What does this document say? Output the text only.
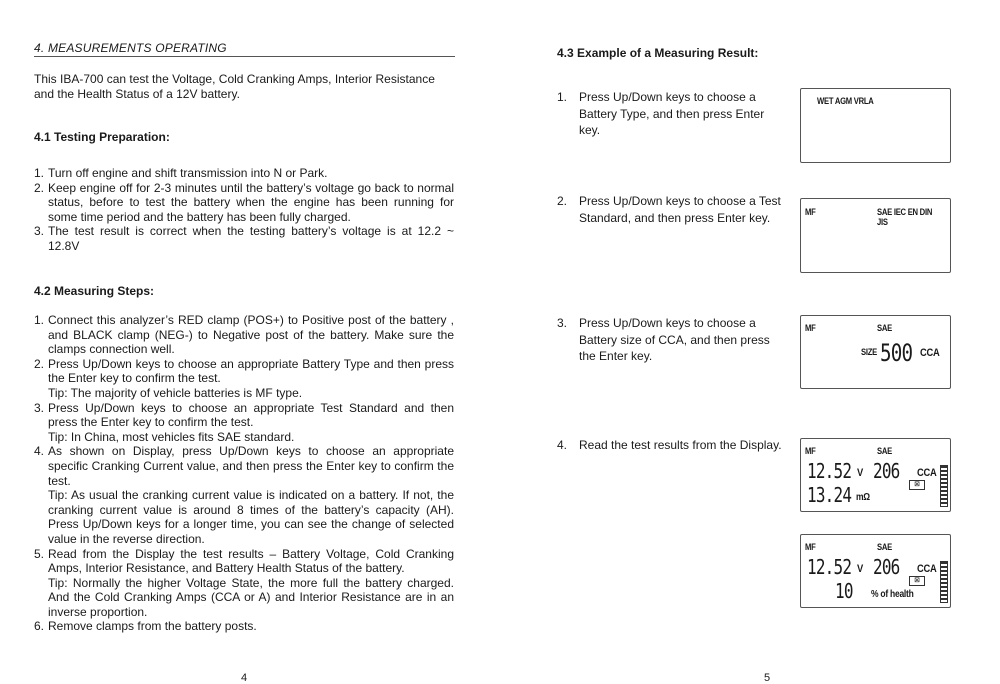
4. MEASUREMENTS OPERATING
This IBA-700 can test the Voltage, Cold Cranking Amps, Interior Resistance and the Health Status of a 12V battery.
4.1 Testing Preparation:
1. Turn off engine and shift transmission into N or Park.
2. Keep engine off for 2-3 minutes until the battery’s voltage go back to normal status, before to test the battery when the engine has been running for some time period and the battery has been fully charged.
3. The test result is correct when the testing battery’s voltage is at 12.2 ~ 12.8V
4.2 Measuring Steps:
1. Connect this analyzer’s RED clamp (POS+) to Positive post of the battery , and BLACK clamp (NEG-) to Negative post of the battery. Make sure the clamps connection well.
2. Press Up/Down keys to choose an appropriate Battery Type and then press the Enter key to confirm the test.
Tip: The majority of vehicle batteries is MF type.
3. Press Up/Down keys to choose an appropriate Test Standard and then press the Enter key to confirm the test.
Tip: In China, most vehicles fits SAE standard.
4. As shown on Display, press Up/Down keys to choose an appropriate specific Cranking Current value, and then press the Enter key to confirm the test.
Tip: As usual the cranking current value is indicated on a battery. If not, the cranking current value is around 8 times of the battery’s capacity (AH). Press Up/Down keys for a longer time, you can see the change of selected value in the reverse direction.
5. Read from the Display the test results – Battery Voltage, Cold Cranking Amps, Interior Resistance, and Battery Health Status of the battery.
Tip: Normally the higher Voltage State, the more full the battery charged. And the Cold Cranking Amps (CCA or A) and Interior Resistance are in an inverse proportion.
6. Remove clamps from the battery posts.
4
4.3 Example of a Measuring Result:
1. Press Up/Down keys to choose a Battery Type, and then press Enter key.
2. Press Up/Down keys to choose a Test Standard, and then press Enter key.
3. Press Up/Down keys to choose a Battery size of CCA, and then press the Enter key.
4. Read the test results from the Display.
WET AGM VRLA
MF	SAE IEC EN DIN JIS
MF	SAE
SIZE 500 CCA
MF	SAE
12.52 V 206 CCA
⊠
13.24 mΩ
MF	SAE
12.52 V 206 CCA
⊠
10 % of health
5
